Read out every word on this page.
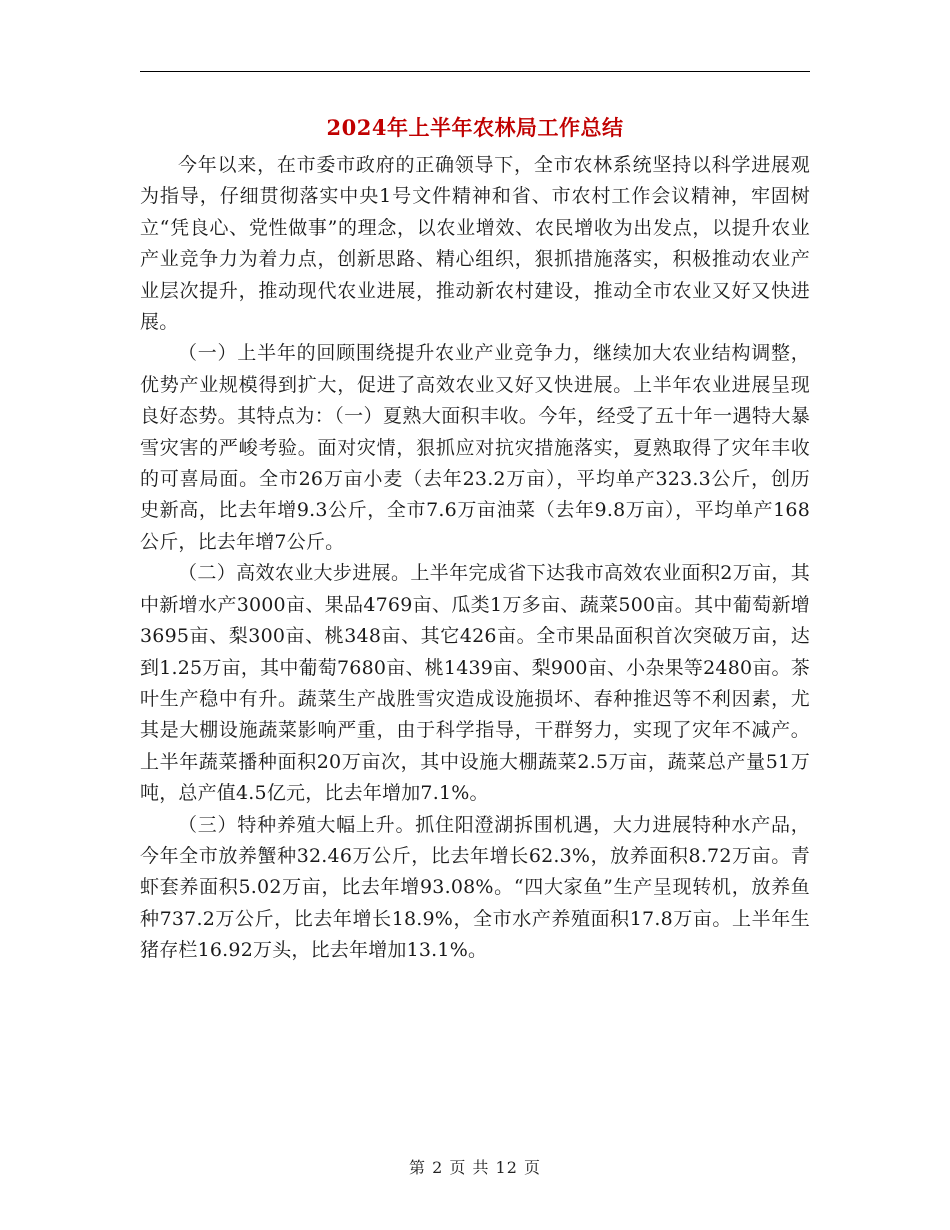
2024年上半年农林局工作总结

今年以来，在市委市政府的正确领导下，全市农林系统坚持以科学进展观为指导，仔细贯彻落实中央1号文件精神和省、市农村工作会议精神，牢固树立“凭良心、党性做事”的理念，以农业增效、农民增收为出发点，以提升农业产业竞争力为着力点，创新思路、精心组织，狠抓措施落实，积极推动农业产业层次提升，推动现代农业进展，推动新农村建设，推动全市农业又好又快进展。

（一）上半年的回顾围绕提升农业产业竞争力，继续加大农业结构调整，优势产业规模得到扩大，促进了高效农业又好又快进展。上半年农业进展呈现良好态势。其特点为：（一）夏熟大面积丰收。今年，经受了五十年一遇特大暴雪灾害的严峻考验。面对灾情，狠抓应对抗灾措施落实，夏熟取得了灾年丰收的可喜局面。全市26万亩小麦（去年23.2万亩），平均单产323.3公斤，创历史新高，比去年增9.3公斤，全市7.6万亩油菜（去年9.8万亩），平均单产168公斤，比去年增7公斤。

（二）高效农业大步进展。上半年完成省下达我市高效农业面积2万亩，其中新增水产3000亩、果品4769亩、瓜类1万多亩、蔬菜500亩。其中葡萄新增3695亩、梨300亩、桃348亩、其它426亩。全市果品面积首次突破万亩，达到1.25万亩，其中葡萄7680亩、桃1439亩、梨900亩、小杂果等2480亩。茶叶生产稳中有升。蔬菜生产战胜雪灾造成设施损坏、春种推迟等不利因素，尤其是大棚设施蔬菜影响严重，由于科学指导，干群努力，实现了灾年不减产。上半年蔬菜播种面积20万亩次，其中设施大棚蔬菜2.5万亩，蔬菜总产量51万吨，总产值4.5亿元，比去年增加7.1%。

（三）特种养殖大幅上升。抓住阳澄湖拆围机遇，大力进展特种水产品，今年全市放养蟹种32.46万公斤，比去年增长62.3%，放养面积8.72万亩。青虾套养面积5.02万亩，比去年增93.08%。“四大家鱼”生产呈现转机，放养鱼种737.2万公斤，比去年增长18.9%，全市水产养殖面积17.8万亩。上半年生猪存栏16.92万头，比去年增加13.1%。

第 2 页 共 12 页
